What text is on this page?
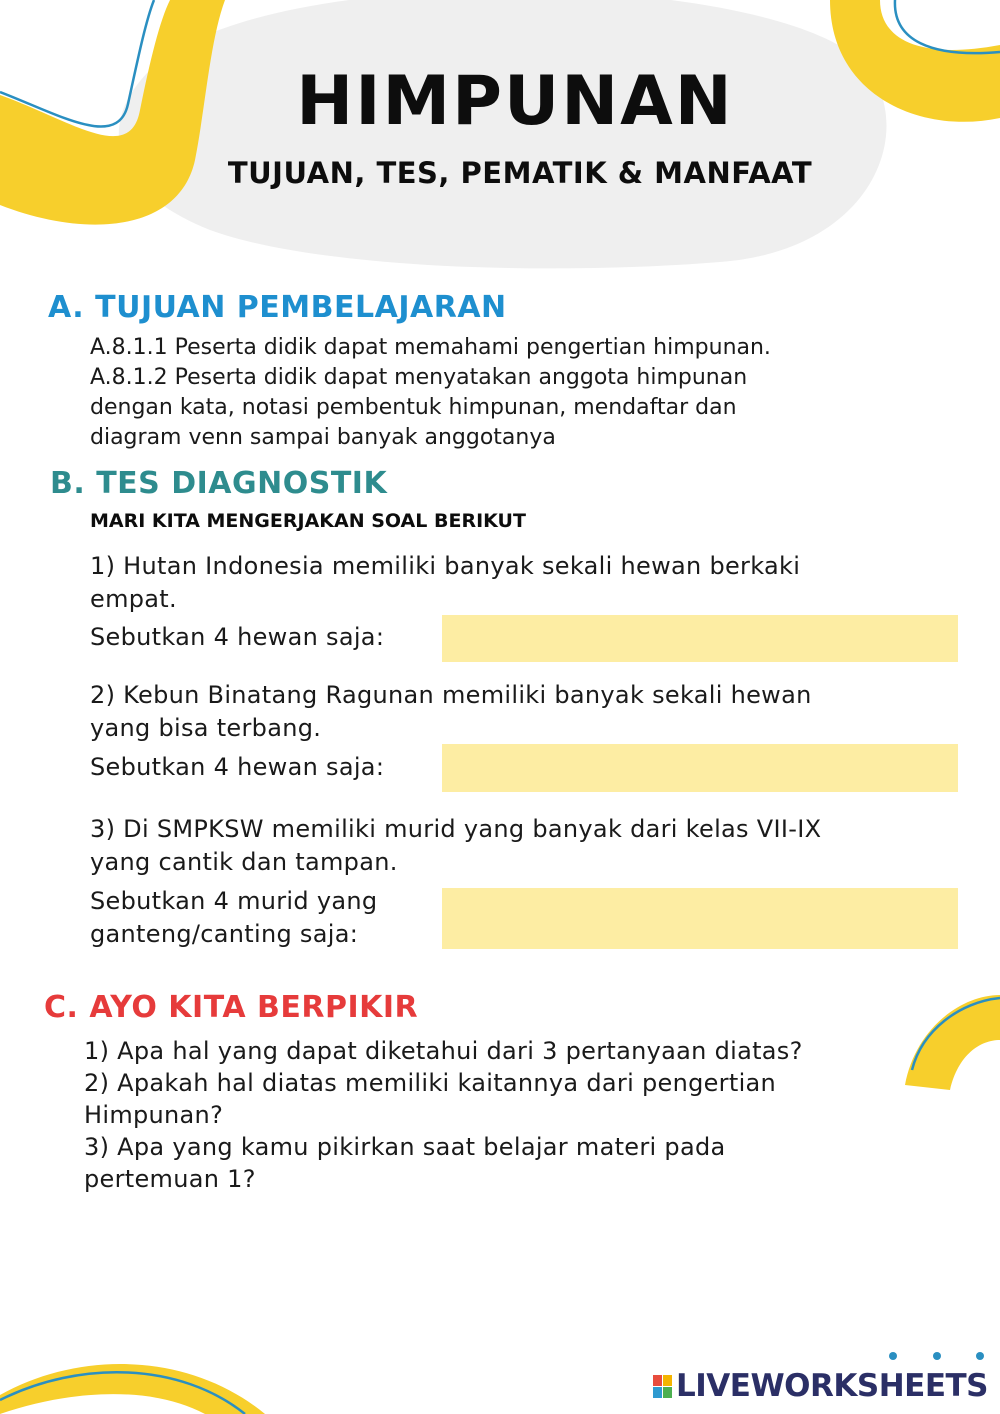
HIMPUNAN
TUJUAN, TES, PEMATIK & MANFAAT
A. TUJUAN PEMBELAJARAN
A.8.1.1 Peserta didik dapat memahami pengertian himpunan.
A.8.1.2 Peserta didik dapat menyatakan anggota himpunan
dengan kata, notasi pembentuk himpunan, mendaftar dan
diagram venn sampai banyak anggotanya
B. TES DIAGNOSTIK
MARI KITA MENGERJAKAN SOAL BERIKUT
1) Hutan Indonesia memiliki banyak sekali hewan berkaki
empat.
Sebutkan 4 hewan saja:
2) Kebun Binatang Ragunan memiliki banyak sekali hewan
yang bisa terbang.
Sebutkan 4 hewan saja:
3) Di SMPKSW memiliki murid yang banyak dari kelas VII-IX
yang cantik dan tampan.
Sebutkan 4 murid yang
ganteng/canting saja:
C. AYO KITA BERPIKIR
1) Apa hal yang dapat diketahui dari 3 pertanyaan diatas?
2) Apakah hal diatas memiliki kaitannya dari pengertian
Himpunan?
3) Apa yang kamu pikirkan saat belajar materi pada
pertemuan 1?
LIVEWORKSHEETS
